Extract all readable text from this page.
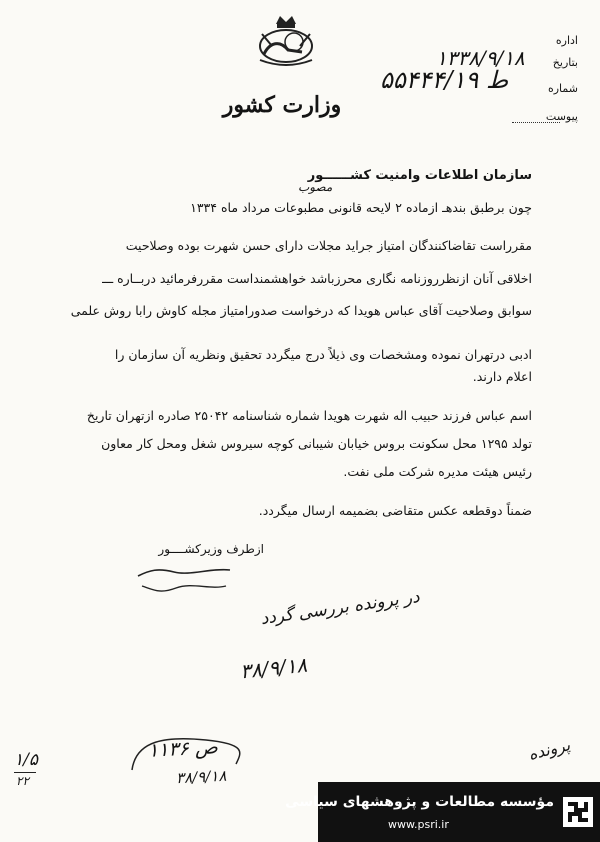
وزارت کشور
اداره
بتاریخ
۱۳۳۸/۹/۱۸
شماره
۵۵۴۴۴/۱۹ ط
پیوست
سازمان اطلاعات وامنیت کشــــــور
چون برطبق بندهـ ازماده ۲ لایحه قانونی مطبوعات مرداد ماه ۱۳۳۴
مصوب
مقرراست تقاضاکنندگان امتیاز جراید مجلات دارای حسن شهرت بوده وصلاحیت
اخلاقی آنان ازنظرروزنامه نگاری محرزباشد خواهشمنداست مقررفرمائید دربــاره ـــ
سوابق وصلاحیت آقای عباس هویدا که درخواست صدورامتیاز مجله کاوش رابا روش علمی
ادبی درتهران نموده ومشخصات وی ذیلاً درج میگردد تحقیق ونظریه آن سازمان را
اعلام دارند.
اسم عباس فرزند حبیب اله شهرت هویدا شماره شناسنامه ۲۵۰۴۲ صادره ازتهران تاریخ
تولد ۱۲۹۵ محل سکونت بروس خیابان شیبانی کوچه سیروس شغل ومحل کار معاون
رئیس هیئت مدیره شرکت ملی نفت.
ضمناً دوقطعه عکس متقاضی بضمیمه ارسال میگردد.
ازطرف وزیرکشــــور
در پرونده بررسی گردد
۳۸/۹/۱۸
۱۱۳۶ ص
۳۸/۹/۱۸
۱/۵
۲۲
پرونده
مؤسسه مطالعات و پژوهشهای سیاسی
www.psri.ir
